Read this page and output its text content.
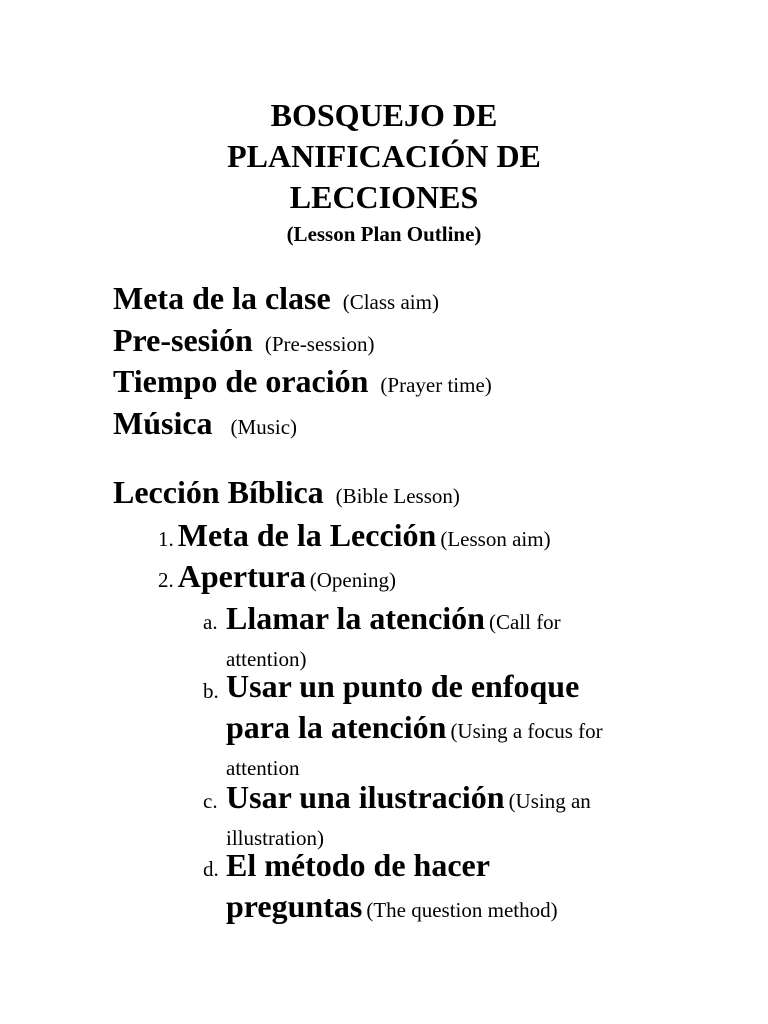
BOSQUEJO DE
PLANIFICACIÓN DE
LECCIONES
(Lesson Plan Outline)
Meta de la clase (Class aim)
Pre-sesión (Pre-session)
Tiempo de oración (Prayer time)
Música (Music)
Lección Bíblica (Bible Lesson)
1. Meta de la Lección (Lesson aim)
2. Apertura (Opening)
a. Llamar la atención (Call for
attention)
b. Usar un punto de enfoque
para la atención (Using a focus for
attention
c. Usar una ilustración (Using an
illustration)
d. El método de hacer
preguntas (The question method)
